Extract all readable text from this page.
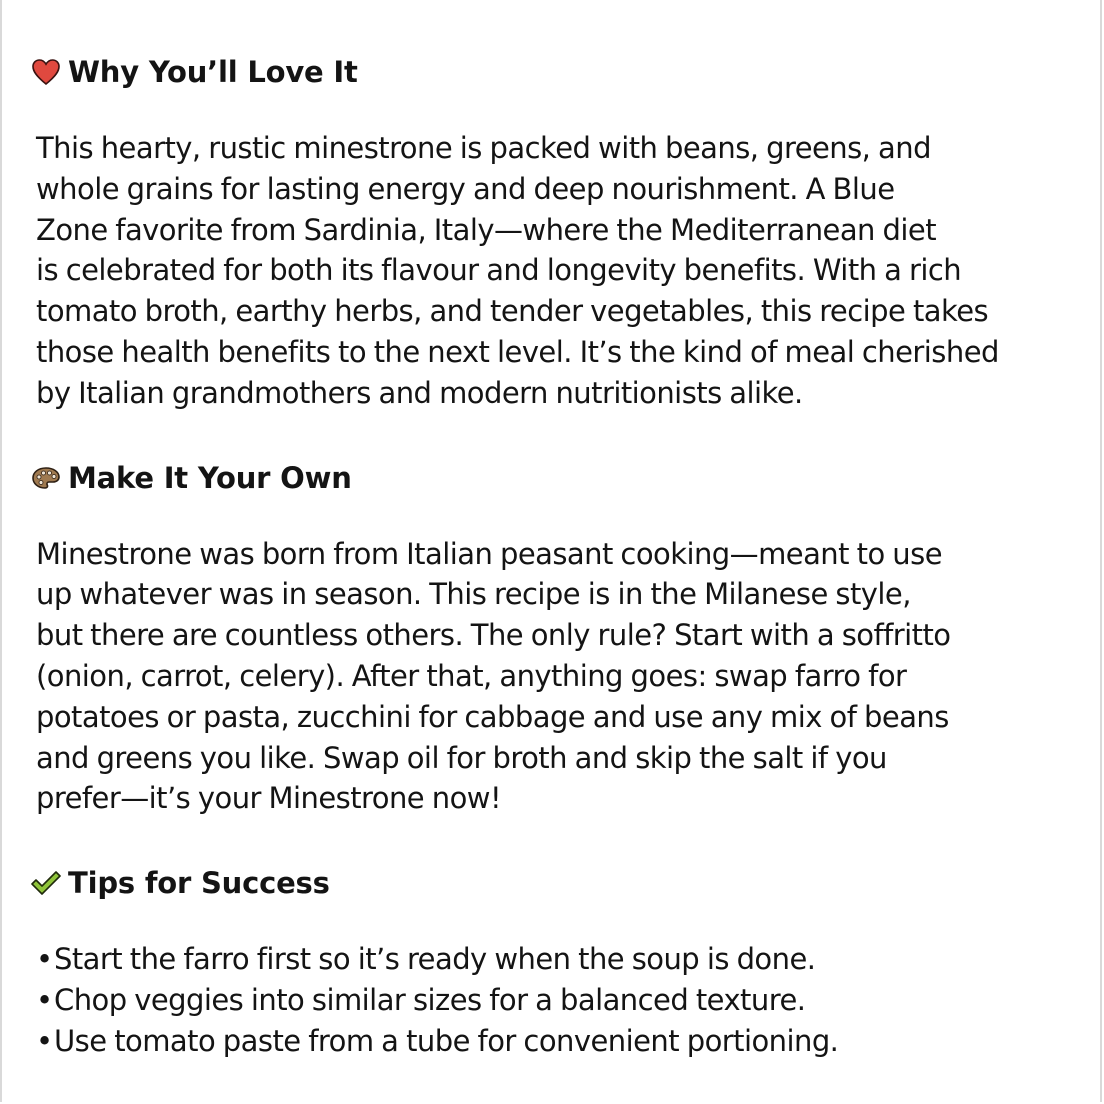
Why You’ll Love It

This hearty, rustic minestrone is packed with beans, greens, and
whole grains for lasting energy and deep nourishment. A Blue
Zone favorite from Sardinia, Italy—where the Mediterranean diet
is celebrated for both its flavour and longevity benefits. With a rich
tomato broth, earthy herbs, and tender vegetables, this recipe takes
those health benefits to the next level. It’s the kind of meal cherished
by Italian grandmothers and modern nutritionists alike.

Make It Your Own

Minestrone was born from Italian peasant cooking—meant to use
up whatever was in season. This recipe is in the Milanese style,
but there are countless others. The only rule? Start with a soffritto
(onion, carrot, celery). After that, anything goes: swap farro for
potatoes or pasta, zucchini for cabbage and use any mix of beans
and greens you like. Swap oil for broth and skip the salt if you
prefer—it’s your Minestrone now!

Tips for Success
•Start the farro first so it’s ready when the soup is done.
•Chop veggies into similar sizes for a balanced texture.
•Use tomato paste from a tube for convenient portioning.
